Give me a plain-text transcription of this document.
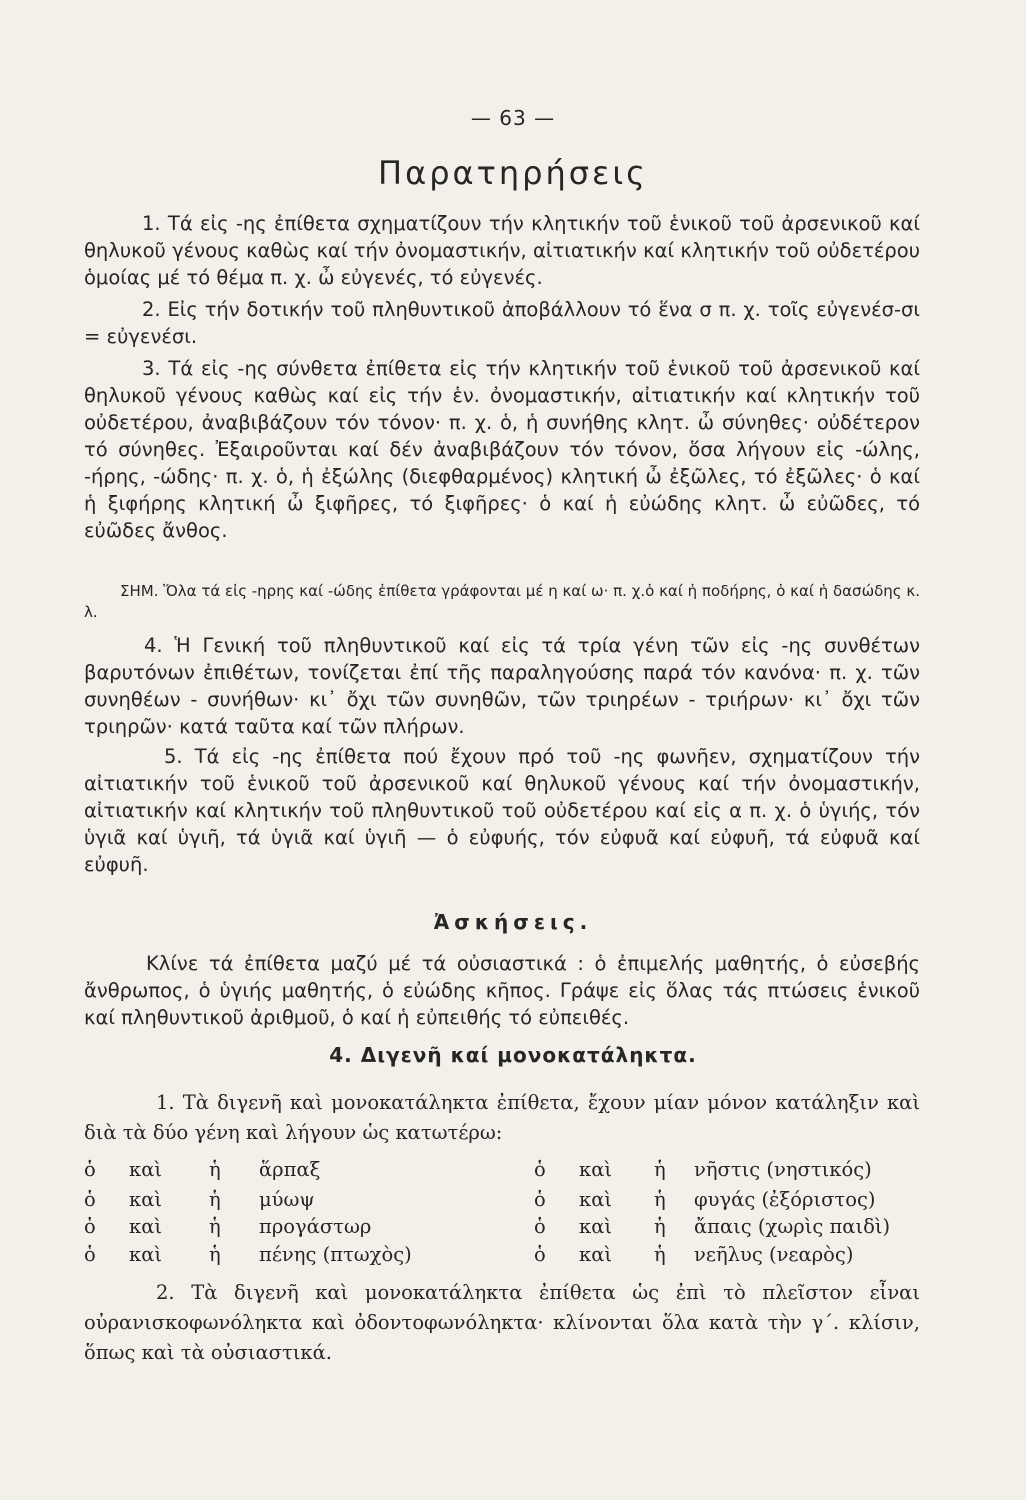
— 63 —
Παρατηρήσεις
1. Τά εἰς -ης ἐπίθετα σχηματίζουν τήν κλητικήν τοῦ ἑνικοῦ τοῦ ἀρσενικοῦ καί θηλυκοῦ γένους καθὼς καί τήν ὀνομαστικήν, αἰτιατικήν καί κλητικήν τοῦ οὐδετέρου ὁμοίας μέ τό θέμα π. χ. ὦ εὐγενές, τό εὐγενές.
2. Εἰς τήν δοτικήν τοῦ πληθυντικοῦ ἀποβάλλουν τό ἕνα σ π. χ. τοῖς εὐγενέσ-σι = εὐγενέσι.
3. Τά εἰς -ης σύνθετα ἐπίθετα εἰς τήν κλητικήν τοῦ ἑνικοῦ τοῦ ἀρσενικοῦ καί θηλυκοῦ γένους καθὼς καί εἰς τήν ἑν. ὀνομαστικήν, αἰτιατικήν καί κλητικήν τοῦ οὐδετέρου, ἀναβιβάζουν τόν τόνον· π. χ. ὁ, ἡ συνήθης κλητ. ὦ σύνηθες· οὐδέτερον τό σύνηθες. Ἐξαιροῦνται καί δέν ἀναβιβάζουν τόν τόνον, ὅσα λήγουν εἰς -ώλης, -ήρης, -ώδης· π. χ. ὁ, ἡ ἐξώλης (διεφθαρμένος) κλητική ὦ ἐξῶλες, τό ἐξῶλες· ὁ καί ἡ ξιφήρης κλητική ὦ ξιφῆρες, τό ξιφῆρες· ὁ καί ἡ εὐώδης κλητ. ὦ εὐῶδες, τό εὐῶδες ἄνθος.
ΣΗΜ. Ὅλα τά εἰς -ηρης καί -ώδης ἐπίθετα γράφονται μέ η καί ω· π. χ.ὁ καί ἡ ποδήρης, ὁ καί ἡ δασώδης κ. λ.
4. Ἡ Γενική τοῦ πληθυντικοῦ καί εἰς τά τρία γένη τῶν εἰς -ης συνθέτων βαρυτόνων ἐπιθέτων, τονίζεται ἐπί τῆς παραληγούσης παρά τόν κανόνα· π. χ. τῶν συνηθέων - συνήθων· κι᾽ ὄχι τῶν συνηθῶν, τῶν τριηρέων - τριήρων· κι᾽ ὄχι τῶν τριηρῶν· κατά ταῦτα καί τῶν πλήρων.
5. Τά εἰς -ης ἐπίθετα πού ἔχουν πρό τοῦ -ης φωνῆεν, σχηματίζουν τήν αἰτιατικήν τοῦ ἑνικοῦ τοῦ ἀρσενικοῦ καί θηλυκοῦ γένους καί τήν ὀνομαστικήν, αἰτιατικήν καί κλητικήν τοῦ πληθυντικοῦ τοῦ οὐδετέρου καί εἰς α π. χ. ὁ ὑγιής, τόν ὑγιᾶ καί ὑγιῆ, τά ὑγιᾶ καί ὑγιῆ — ὁ εὐφυής, τόν εὐφυᾶ καί εὐφυῆ, τά εὐφυᾶ καί εὐφυῆ.
Ἀσκήσεις.
Κλίνε τά ἐπίθετα μαζύ μέ τά οὐσιαστικά : ὁ ἐπιμελής μαθητής, ὁ εὐσεβής ἄνθρωπος, ὁ ὑγιής μαθητής, ὁ εὐώδης κῆπος. Γράψε εἰς ὅλας τάς πτώσεις ἑνικοῦ καί πληθυντικοῦ ἀριθμοῦ, ὁ καί ἡ εὐπειθής τό εὐπειθές.
4. Διγενῆ καί μονοκατάληκτα.
1. Τὰ διγενῆ καὶ μονοκατάληκτα ἐπίθετα, ἔχουν μίαν μόνον κατάληξιν καὶ διὰ τὰ δύο γένη καὶ λήγουν ὡς κατωτέρω:
ὁ καὶ ἡ ἅρπαξ	ὁ καὶ ἡ νῆστις (νηστικός)
ὁ καὶ ἡ μύωψ	ὁ καὶ ἡ φυγάς (ἐξόριστος)
ὁ καὶ ἡ προγάστωρ	ὁ καὶ ἡ ἄπαις (χωρὶς παιδὶ)
ὁ καὶ ἡ πένης (πτωχὸς)	ὁ καὶ ἡ νεῆλυς (νεαρὸς)
2. Τὰ διγενῆ καὶ μονοκατάληκτα ἐπίθετα ὡς ἐπὶ τὸ πλεῖστον εἶναι οὐρανισκοφωνόληκτα καὶ ὀδοντοφωνόληκτα· κλίνονται ὅλα κατὰ τὴν γ΄. κλίσιν, ὅπως καὶ τὰ οὐσιαστικά.
